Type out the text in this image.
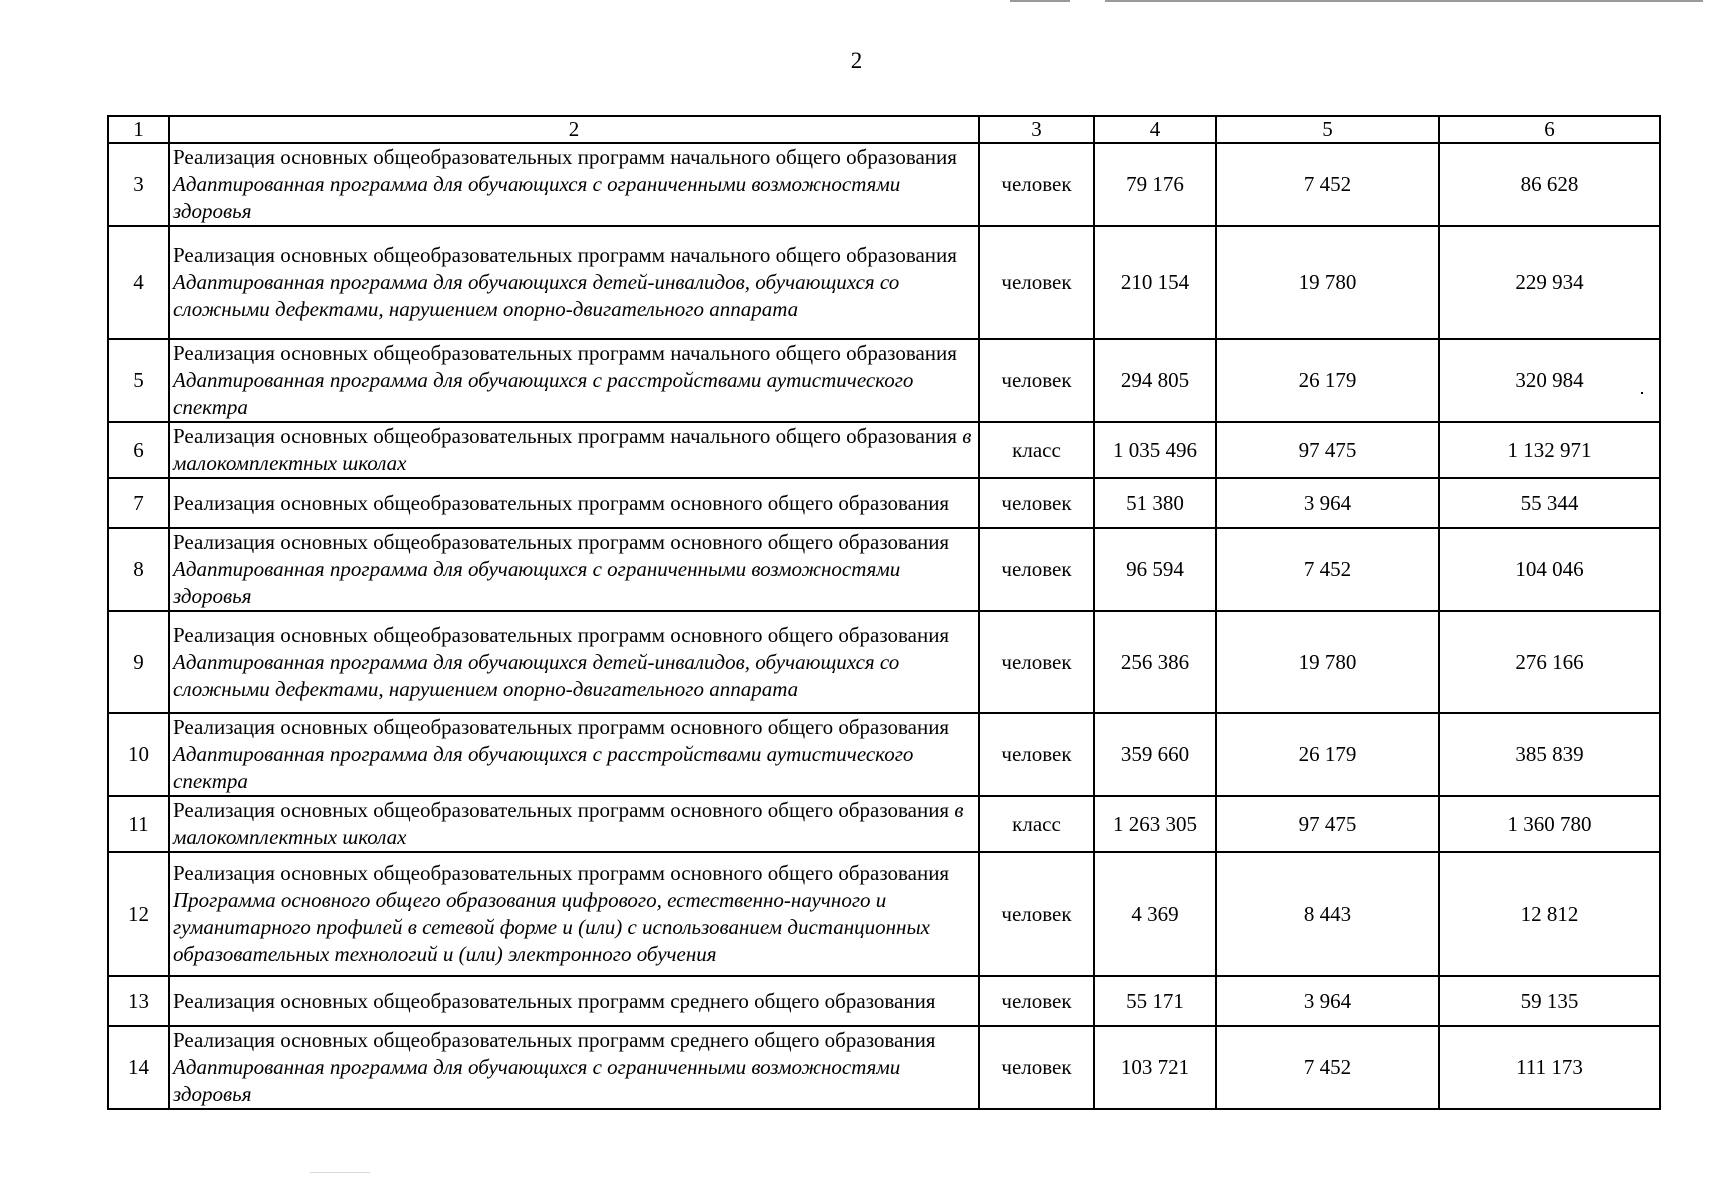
2
1	2	3	4	5	6
3	Реализация основных общеобразовательных программ начального общего образования Адаптированная программа для обучающихся с ограниченными возможностями здоровья	человек	79 176	7 452	86 628
4	Реализация основных общеобразовательных программ начального общего образования Адаптированная программа для обучающихся детей-инвалидов, обучающихся со сложными дефектами, нарушением опорно-двигательного аппарата	человек	210 154	19 780	229 934
5	Реализация основных общеобразовательных программ начального общего образования Адаптированная программа для обучающихся с расстройствами аутистического спектра	человек	294 805	26 179	320 984
6	Реализация основных общеобразовательных программ начального общего образования в малокомплектных школах	класс	1 035 496	97 475	1 132 971
7	Реализация основных общеобразовательных программ основного общего образования	человек	51 380	3 964	55 344
8	Реализация основных общеобразовательных программ основного общего образования Адаптированная программа для обучающихся с ограниченными возможностями здоровья	человек	96 594	7 452	104 046
9	Реализация основных общеобразовательных программ основного общего образования Адаптированная программа для обучающихся детей-инвалидов, обучающихся со сложными дефектами, нарушением опорно-двигательного аппарата	человек	256 386	19 780	276 166
10	Реализация основных общеобразовательных программ основного общего образования Адаптированная программа для обучающихся с расстройствами аутистического спектра	человек	359 660	26 179	385 839
11	Реализация основных общеобразовательных программ основного общего образования в малокомплектных школах	класс	1 263 305	97 475	1 360 780
12	Реализация основных общеобразовательных программ основного общего образования Программа основного общего образования цифрового, естественно-научного и гуманитарного профилей в сетевой форме и (или) с использованием дистанционных образовательных технологий и (или) электронного обучения	человек	4 369	8 443	12 812
13	Реализация основных общеобразовательных программ среднего общего образования	человек	55 171	3 964	59 135
14	Реализация основных общеобразовательных программ среднего общего образования Адаптированная программа для обучающихся с ограниченными возможностями здоровья	человек	103 721	7 452	111 173
